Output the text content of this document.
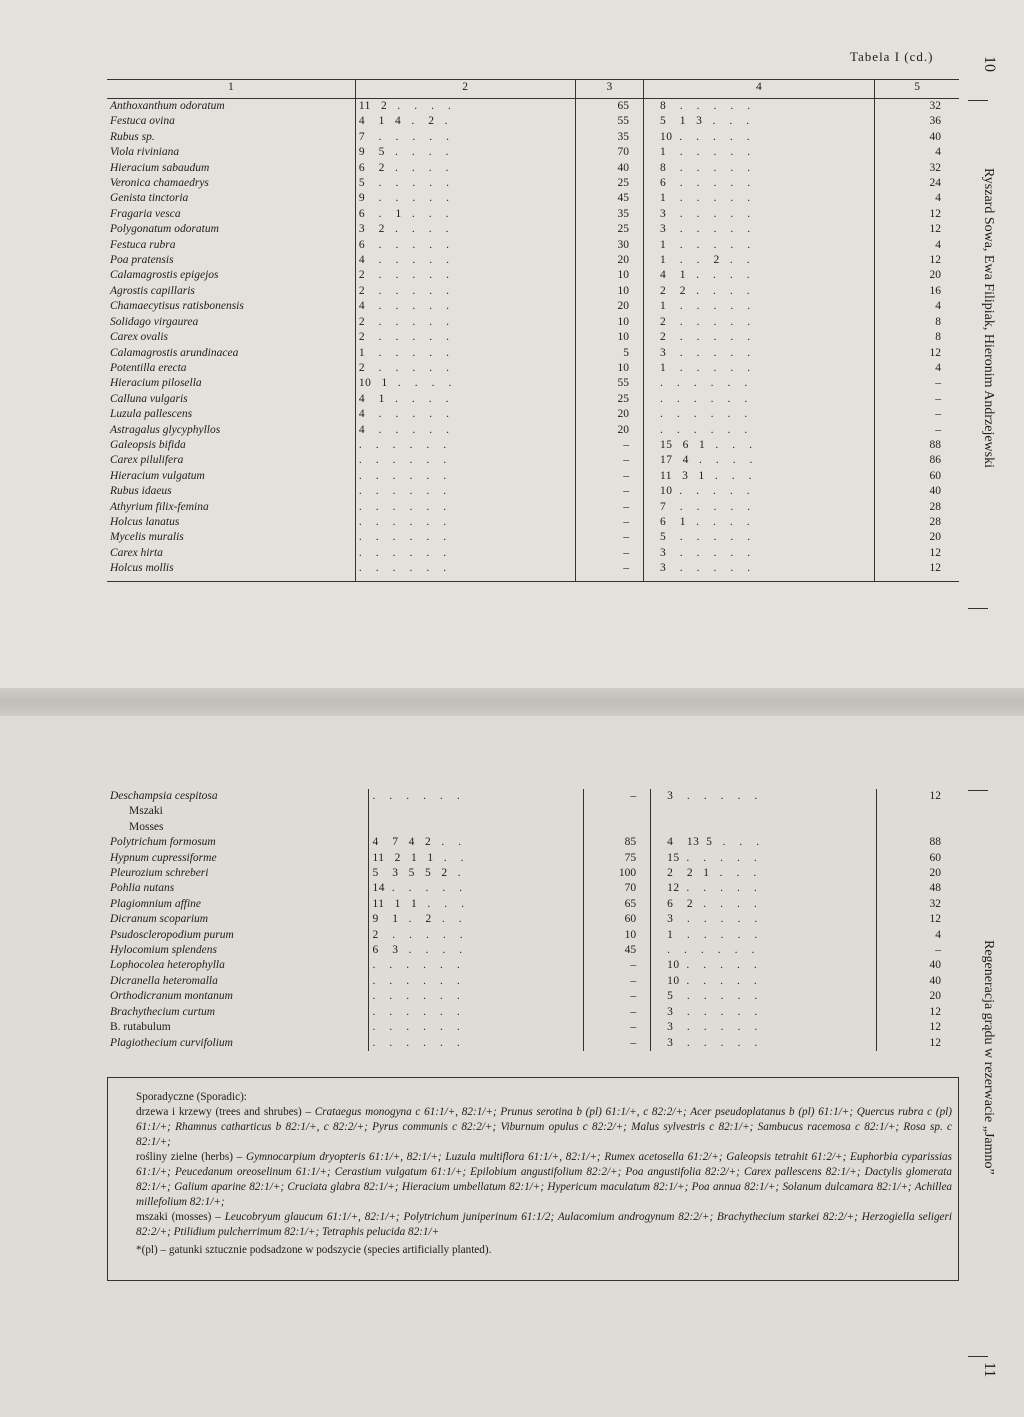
Tabela I (cd.)	10
Ryszard Sowa, Ewa Filipiak, Hieronim Andrzejewski
Regeneracja grądu w rezerwacie „Jamno”
11
1	2	3	4	5
Anthoxanthum odoratum	11   2   .    .    .    .	65	8    .    .    .    .    .	32
Festuca ovina	4    1   4   .    2   .	55	5    1   3   .    .    .	36
Rubus sp.	7    .    .    .    .    .	35	10  .    .    .    .    .	40
Viola riviniana	9    5   .    .    .    .	70	1    .    .    .    .    .	4
Hieracium sabaudum	6    2   .    .    .    .	40	8    .    .    .    .    .	32
Veronica chamaedrys	5    .    .    .    .    .	25	6    .    .    .    .    .	24
Genista tinctoria	9    .    .    .    .    .	45	1    .    .    .    .    .	4
Fragaria vesca	6    .    1   .    .    .	35	3    .    .    .    .    .	12
Polygonatum odoratum	3    2   .    .    .    .	25	3    .    .    .    .    .	12
Festuca rubra	6    .    .    .    .    .	30	1    .    .    .    .    .	4
Poa pratensis	4    .    .    .    .    .	20	1    .    .    2   .    .	12
Calamagrostis epigejos	2    .    .    .    .    .	10	4    1   .    .    .    .	20
Agrostis capillaris	2    .    .    .    .    .	10	2    2   .    .    .    .	16
Chamaecytisus ratisbonensis	4    .    .    .    .    .	20	1    .    .    .    .    .	4
Solidago virgaurea	2    .    .    .    .    .	10	2    .    .    .    .    .	8
Carex ovalis	2    .    .    .    .    .	10	2    .    .    .    .    .	8
Calamagrostis arundinacea	1    .    .    .    .    .	5	3    .    .    .    .    .	12
Potentilla erecta	2    .    .    .    .    .	10	1    .    .    .    .    .	4
Hieracium pilosella	10   1   .    .    .    .	55	.    .    .    .    .    .	–
Calluna vulgaris	4    1   .    .    .    .	25	.    .    .    .    .    .	–
Luzula pallescens	4    .    .    .    .    .	20	.    .    .    .    .    .	–
Astragalus glycyphyllos	4    .    .    .    .    .	20	.    .    .    .    .    .	–
Galeopsis bifida	.    .    .    .    .    .	–	15   6   1   .    .    .	88
Carex pilulifera	.    .    .    .    .    .	–	17   4   .    .    .    .	86
Hieracium vulgatum	.    .    .    .    .    .	–	11   3   1   .    .    .	60
Rubus idaeus	.    .    .    .    .    .	–	10  .    .    .    .    .	40
Athyrium filix-femina	.    .    .    .    .    .	–	7    .    .    .    .    .	28
Holcus lanatus	.    .    .    .    .    .	–	6    1   .    .    .    .	28
Mycelis muralis	.    .    .    .    .    .	–	5    .    .    .    .    .	20
Carex hirta	.    .    .    .    .    .	–	3    .    .    .    .    .	12
Holcus mollis	.    .    .    .    .    .	–	3    .    .    .    .    .	12
Deschampsia cespitosa	.    .    .    .    .    .	–	3    .    .    .    .    .	12
Mszaki				
Mosses				
Polytrichum formosum	4    7   4   2   .    .	85	4    13  5   .    .    .	88
Hypnum cupressiforme	11   2   1   1   .    .	75	15  .    .    .    .    .	60
Pleurozium schreberi	5    3   5   5   2   .	100	2    2   1   .    .    .	20
Pohlia nutans	14  .    .    .    .    .	70	12  .    .    .    .    .	48
Plagiomnium affine	11   1   1   .    .    .	65	6    2   .    .    .    .	32
Dicranum scoparium	9    1   .    2   .    .	60	3    .    .    .    .    .	12
Psudoscleropodium purum	2    .    .    .    .    .	10	1    .    .    .    .    .	4
Hylocomium splendens	6    3   .    .    .    .	45	.    .    .    .    .    .	–
Lophocolea heterophylla	.    .    .    .    .    .	–	10  .    .    .    .    .	40
Dicranella heteromalla	.    .    .    .    .    .	–	10  .    .    .    .    .	40
Orthodicranum montanum	.    .    .    .    .    .	–	5    .    .    .    .    .	20
Brachythecium curtum	.    .    .    .    .    .	–	3    .    .    .    .    .	12
B. rutabulum	.    .    .    .    .    .	–	3    .    .    .    .    .	12
Plagiothecium curvifolium	.    .    .    .    .    .	–	3    .    .    .    .    .	12

Sporadyczne (Sporadic):

drzewa i krzewy (trees and shrubes) – Crataegus monogyna c 61:1/+, 82:1/+; Prunus serotina b (pl) 61:1/+, c 82:2/+; Acer pseudoplatanus b (pl) 61:1/+; Quercus rubra c (pl) 61:1/+; Rhamnus catharticus b 82:1/+, c 82:2/+; Pyrus communis c 82:2/+; Viburnum opulus c 82:2/+; Malus sylvestris c 82:1/+; Sambucus racemosa c 82:1/+; Rosa sp. c 82:1/+;

rośliny zielne (herbs) – Gymnocarpium dryopteris 61:1/+, 82:1/+; Luzula multiflora 61:1/+, 82:1/+; Rumex acetosella 61:2/+; Galeopsis tetrahit 61:2/+; Euphorbia cyparissias 61:1/+; Peucedanum oreoselinum 61:1/+; Cerastium vulgatum 61:1/+; Epilobium angustifolium 82:2/+; Poa angustifolia 82:2/+; Carex pallescens 82:1/+; Dactylis glomerata 82:1/+; Galium aparine 82:1/+; Cruciata glabra 82:1/+; Hieracium umbellatum 82:1/+; Hypericum maculatum 82:1/+; Poa annua 82:1/+; Solanum dulcamara 82:1/+; Achillea millefolium 82:1/+;

mszaki (mosses) – Leucobryum glaucum 61:1/+, 82:1/+; Polytrichum juniperinum 61:1/2; Aulacomium androgynum 82:2/+; Brachythecium starkei 82:2/+; Herzogiella seligeri 82:2/+; Ptilidium pulcherrimum 82:1/+; Tetraphis pelucida 82:1/+

*(pl) – gatunki sztucznie podsadzone w podszycie (species artificially planted).
